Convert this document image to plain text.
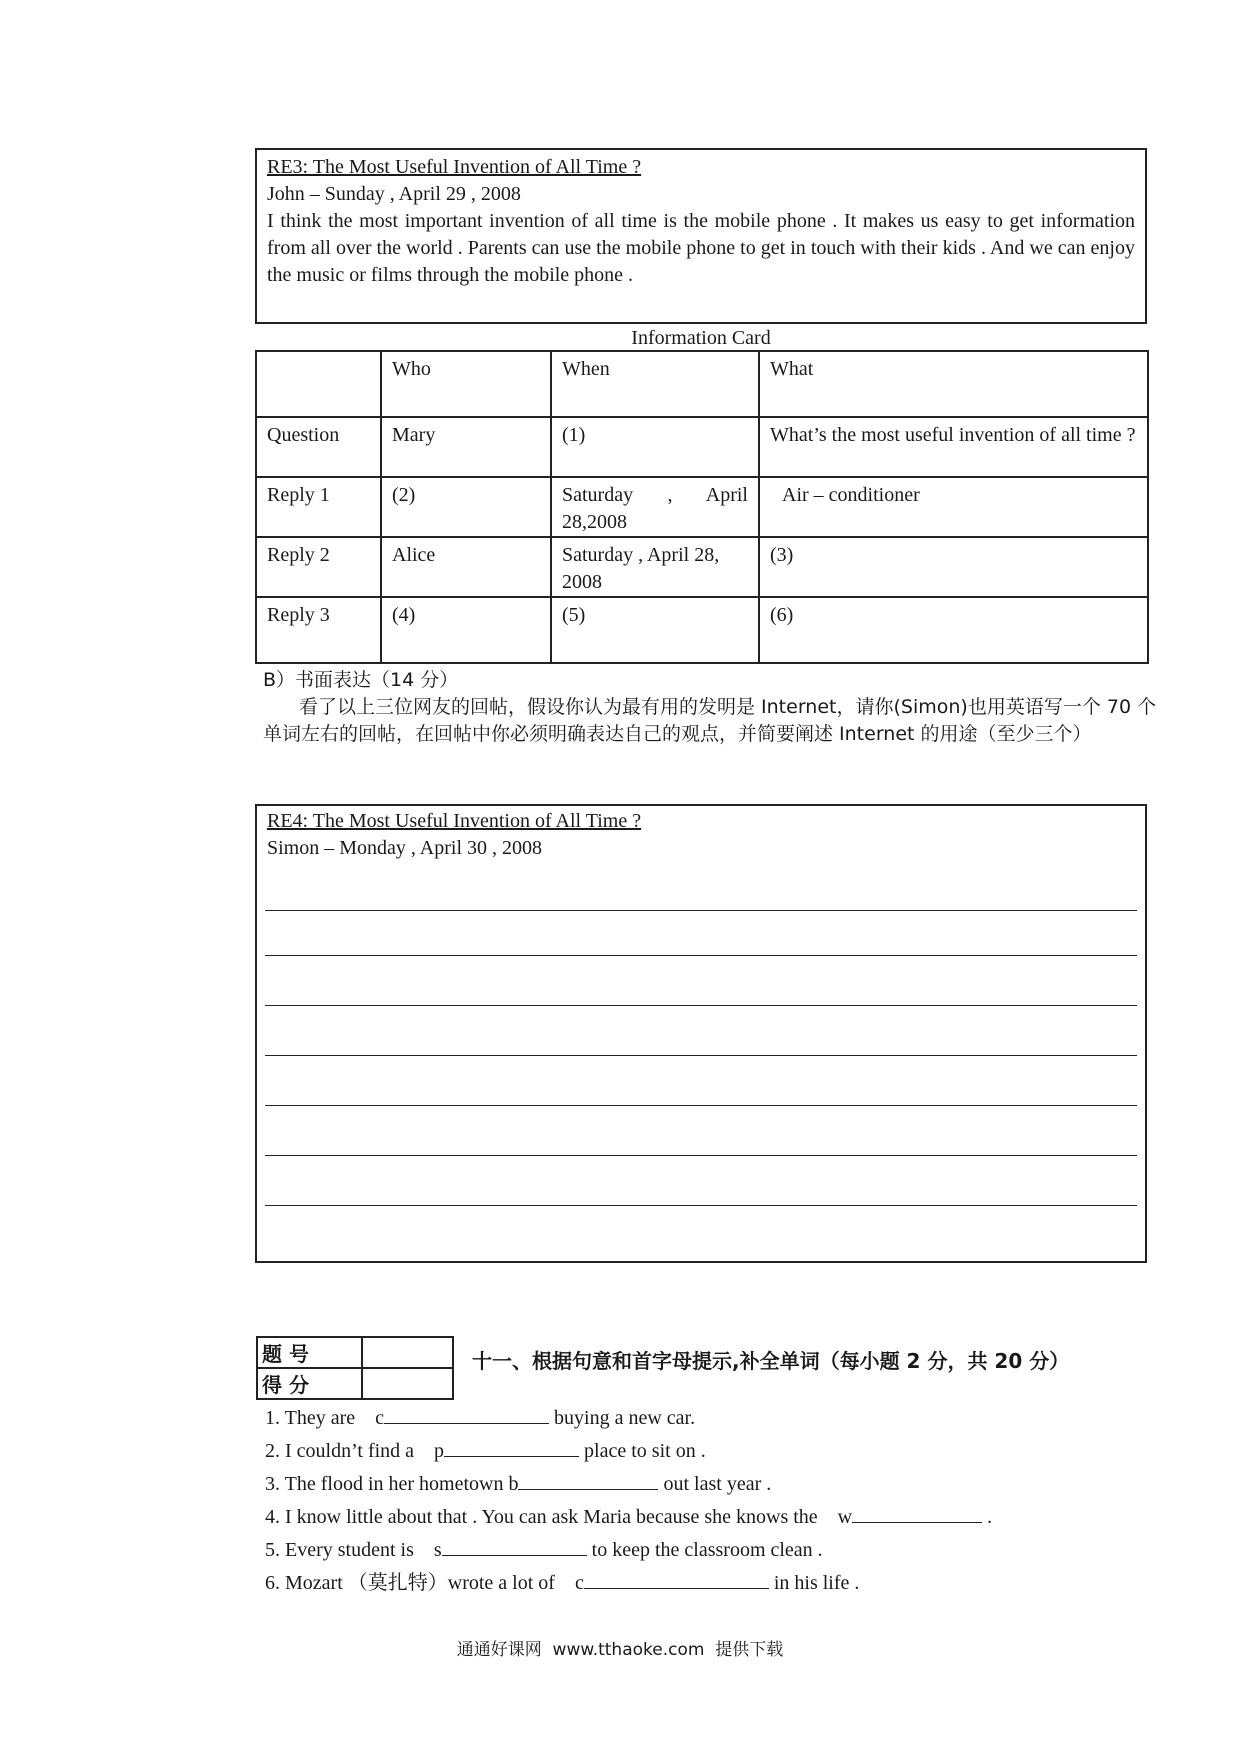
RE3: The Most Useful Invention of All Time ?

John – Sunday , April 29 , 2008

I think the most important invention of all time is the mobile phone . It makes us easy to get information from all over the world . Parents can use the mobile phone to get in touch with their kids . And we can enjoy the music or films through the mobile phone .

Information Card
	Who	When	What
Question	Mary	(1)	What’s the most useful invention of all time ?
Reply 1	(2)	Saturday , April 28,2008	Air – conditioner
Reply 2	Alice	Saturday , April 28, 2008	(3)
Reply 3	(4)	(5)	(6)

B）书面表达（14 分）

看了以上三位网友的回帖，假设你认为最有用的发明是 Internet，请你(Simon)也用英语写一个 70 个单词左右的回帖，在回帖中你必须明确表达自己的观点，并简要阐述 Internet 的用途（至少三个）

RE4: The Most Useful Invention of All Time ?

Simon – Monday , April 30 , 2008

题 号	
得 分	
十一、根据句意和首字母提示,补全单词（每小题 2 分，共 20 分）
1. They are    c	buying a new car.
2. I couldn’t find a    p	place to sit on .
3. The flood in her hometown b	out last year .
4. I know little about that . You can ask Maria because she knows the    w	.
5. Every student is    s	to keep the classroom clean .
6. Mozart （莫扎特）wrote a lot of    c	in his life .
通通好课网  www.tthaoke.com  提供下载
